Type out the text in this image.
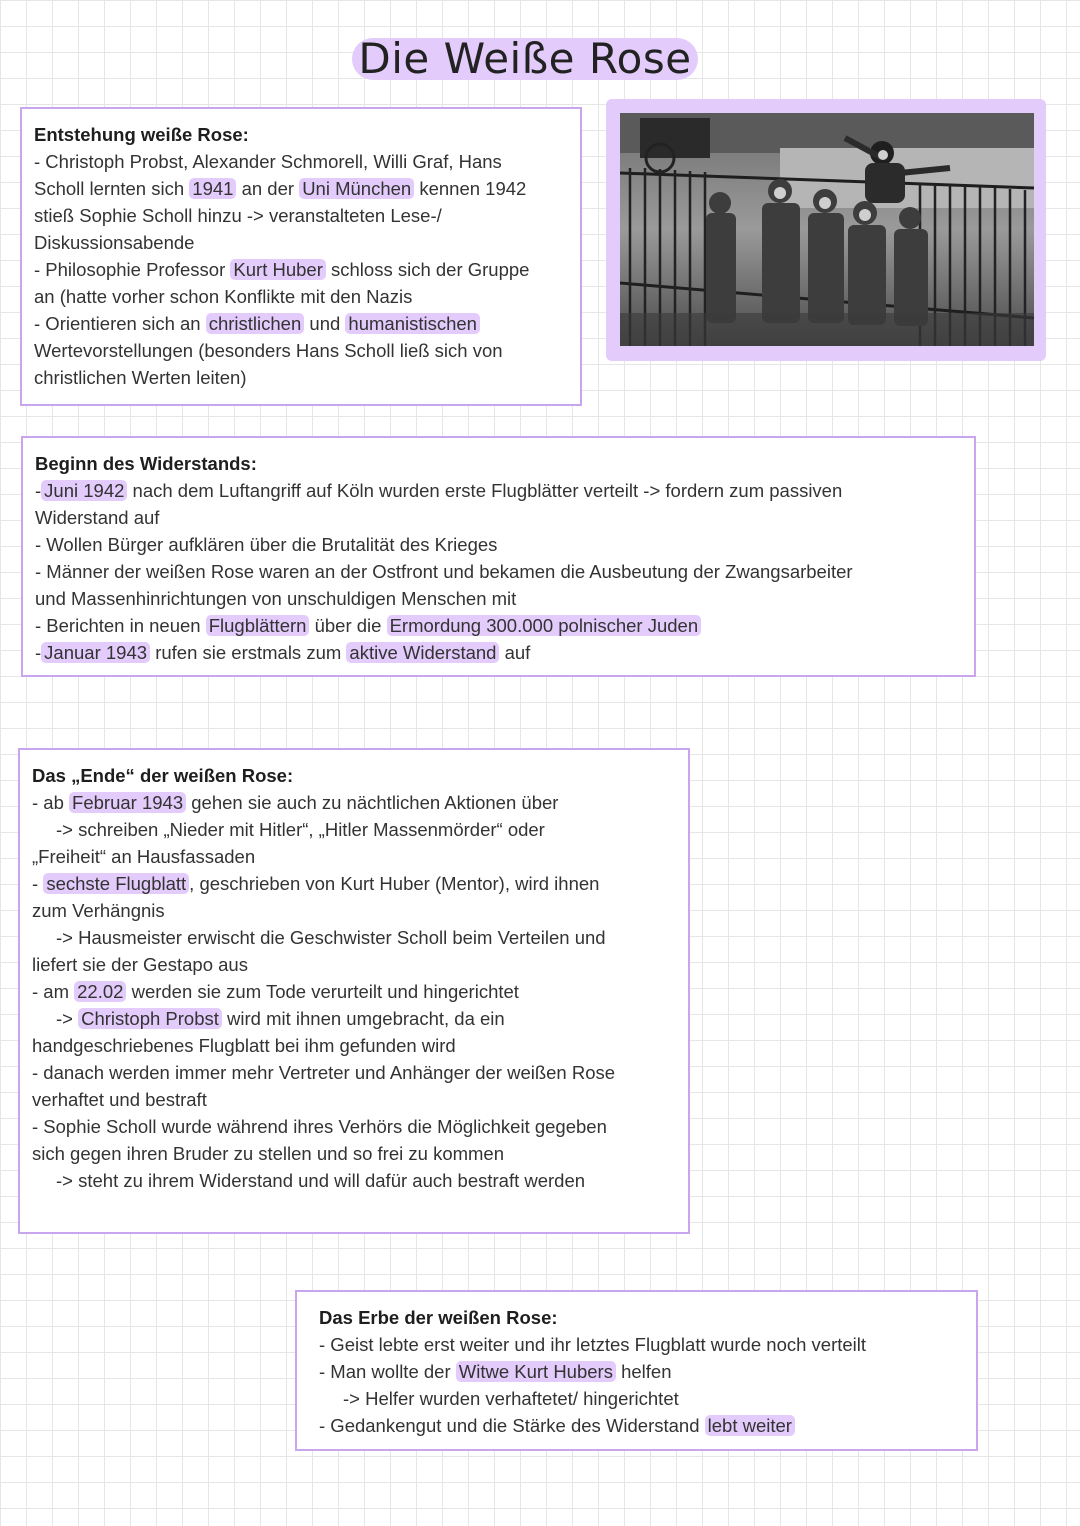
Die Weiße Rose
Entstehung weiße Rose:
- Christoph Probst, Alexander Schmorell, Willi Graf, Hans
Scholl lernten sich 1941 an der Uni München kennen 1942
stieß Sophie Scholl hinzu -> veranstalteten Lese-/
Diskussionsabende
- Philosophie Professor Kurt Huber schloss sich der Gruppe
an (hatte vorher schon Konflikte mit den Nazis
- Orientieren sich an christlichen und humanistischen
Wertevorstellungen (besonders Hans Scholl ließ sich von
christlichen Werten leiten)
Beginn des Widerstands:
- Juni 1942 nach dem Luftangriff auf Köln wurden erste Flugblätter verteilt -> fordern zum passiven
Widerstand auf
- Wollen Bürger aufklären über die Brutalität des Krieges
- Männer der weißen Rose waren an der Ostfront und bekamen die Ausbeutung der Zwangsarbeiter
und Massenhinrichtungen von unschuldigen Menschen mit
- Berichten in neuen Flugblättern über die Ermordung 300.000 polnischer Juden
- Januar 1943 rufen sie erstmals zum aktive Widerstand auf
Das „Ende“ der weißen Rose:
- ab Februar 1943 gehen sie auch zu nächtlichen Aktionen über
-> schreiben „Nieder mit Hitler“, „Hitler Massenmörder“ oder
„Freiheit“ an Hausfassaden
- sechste Flugblatt , geschrieben von Kurt Huber (Mentor), wird ihnen
zum Verhängnis
-> Hausmeister erwischt die Geschwister Scholl beim Verteilen und
liefert sie der Gestapo aus
- am 22.02 werden sie zum Tode verurteilt und hingerichtet
-> Christoph Probst wird mit ihnen umgebracht, da ein
handgeschriebenes Flugblatt bei ihm gefunden wird
- danach werden immer mehr Vertreter und Anhänger der weißen Rose
verhaftet und bestraft
- Sophie Scholl wurde während ihres Verhörs die Möglichkeit gegeben
sich gegen ihren Bruder zu stellen und so frei zu kommen
-> steht zu ihrem Widerstand und will dafür auch bestraft werden
Das Erbe der weißen Rose:
- Geist lebte erst weiter und ihr letztes Flugblatt wurde noch verteilt
- Man wollte der Witwe Kurt Hubers helfen
-> Helfer wurden verhaftetet/ hingerichtet
- Gedankengut und die Stärke des Widerstand lebt weiter
